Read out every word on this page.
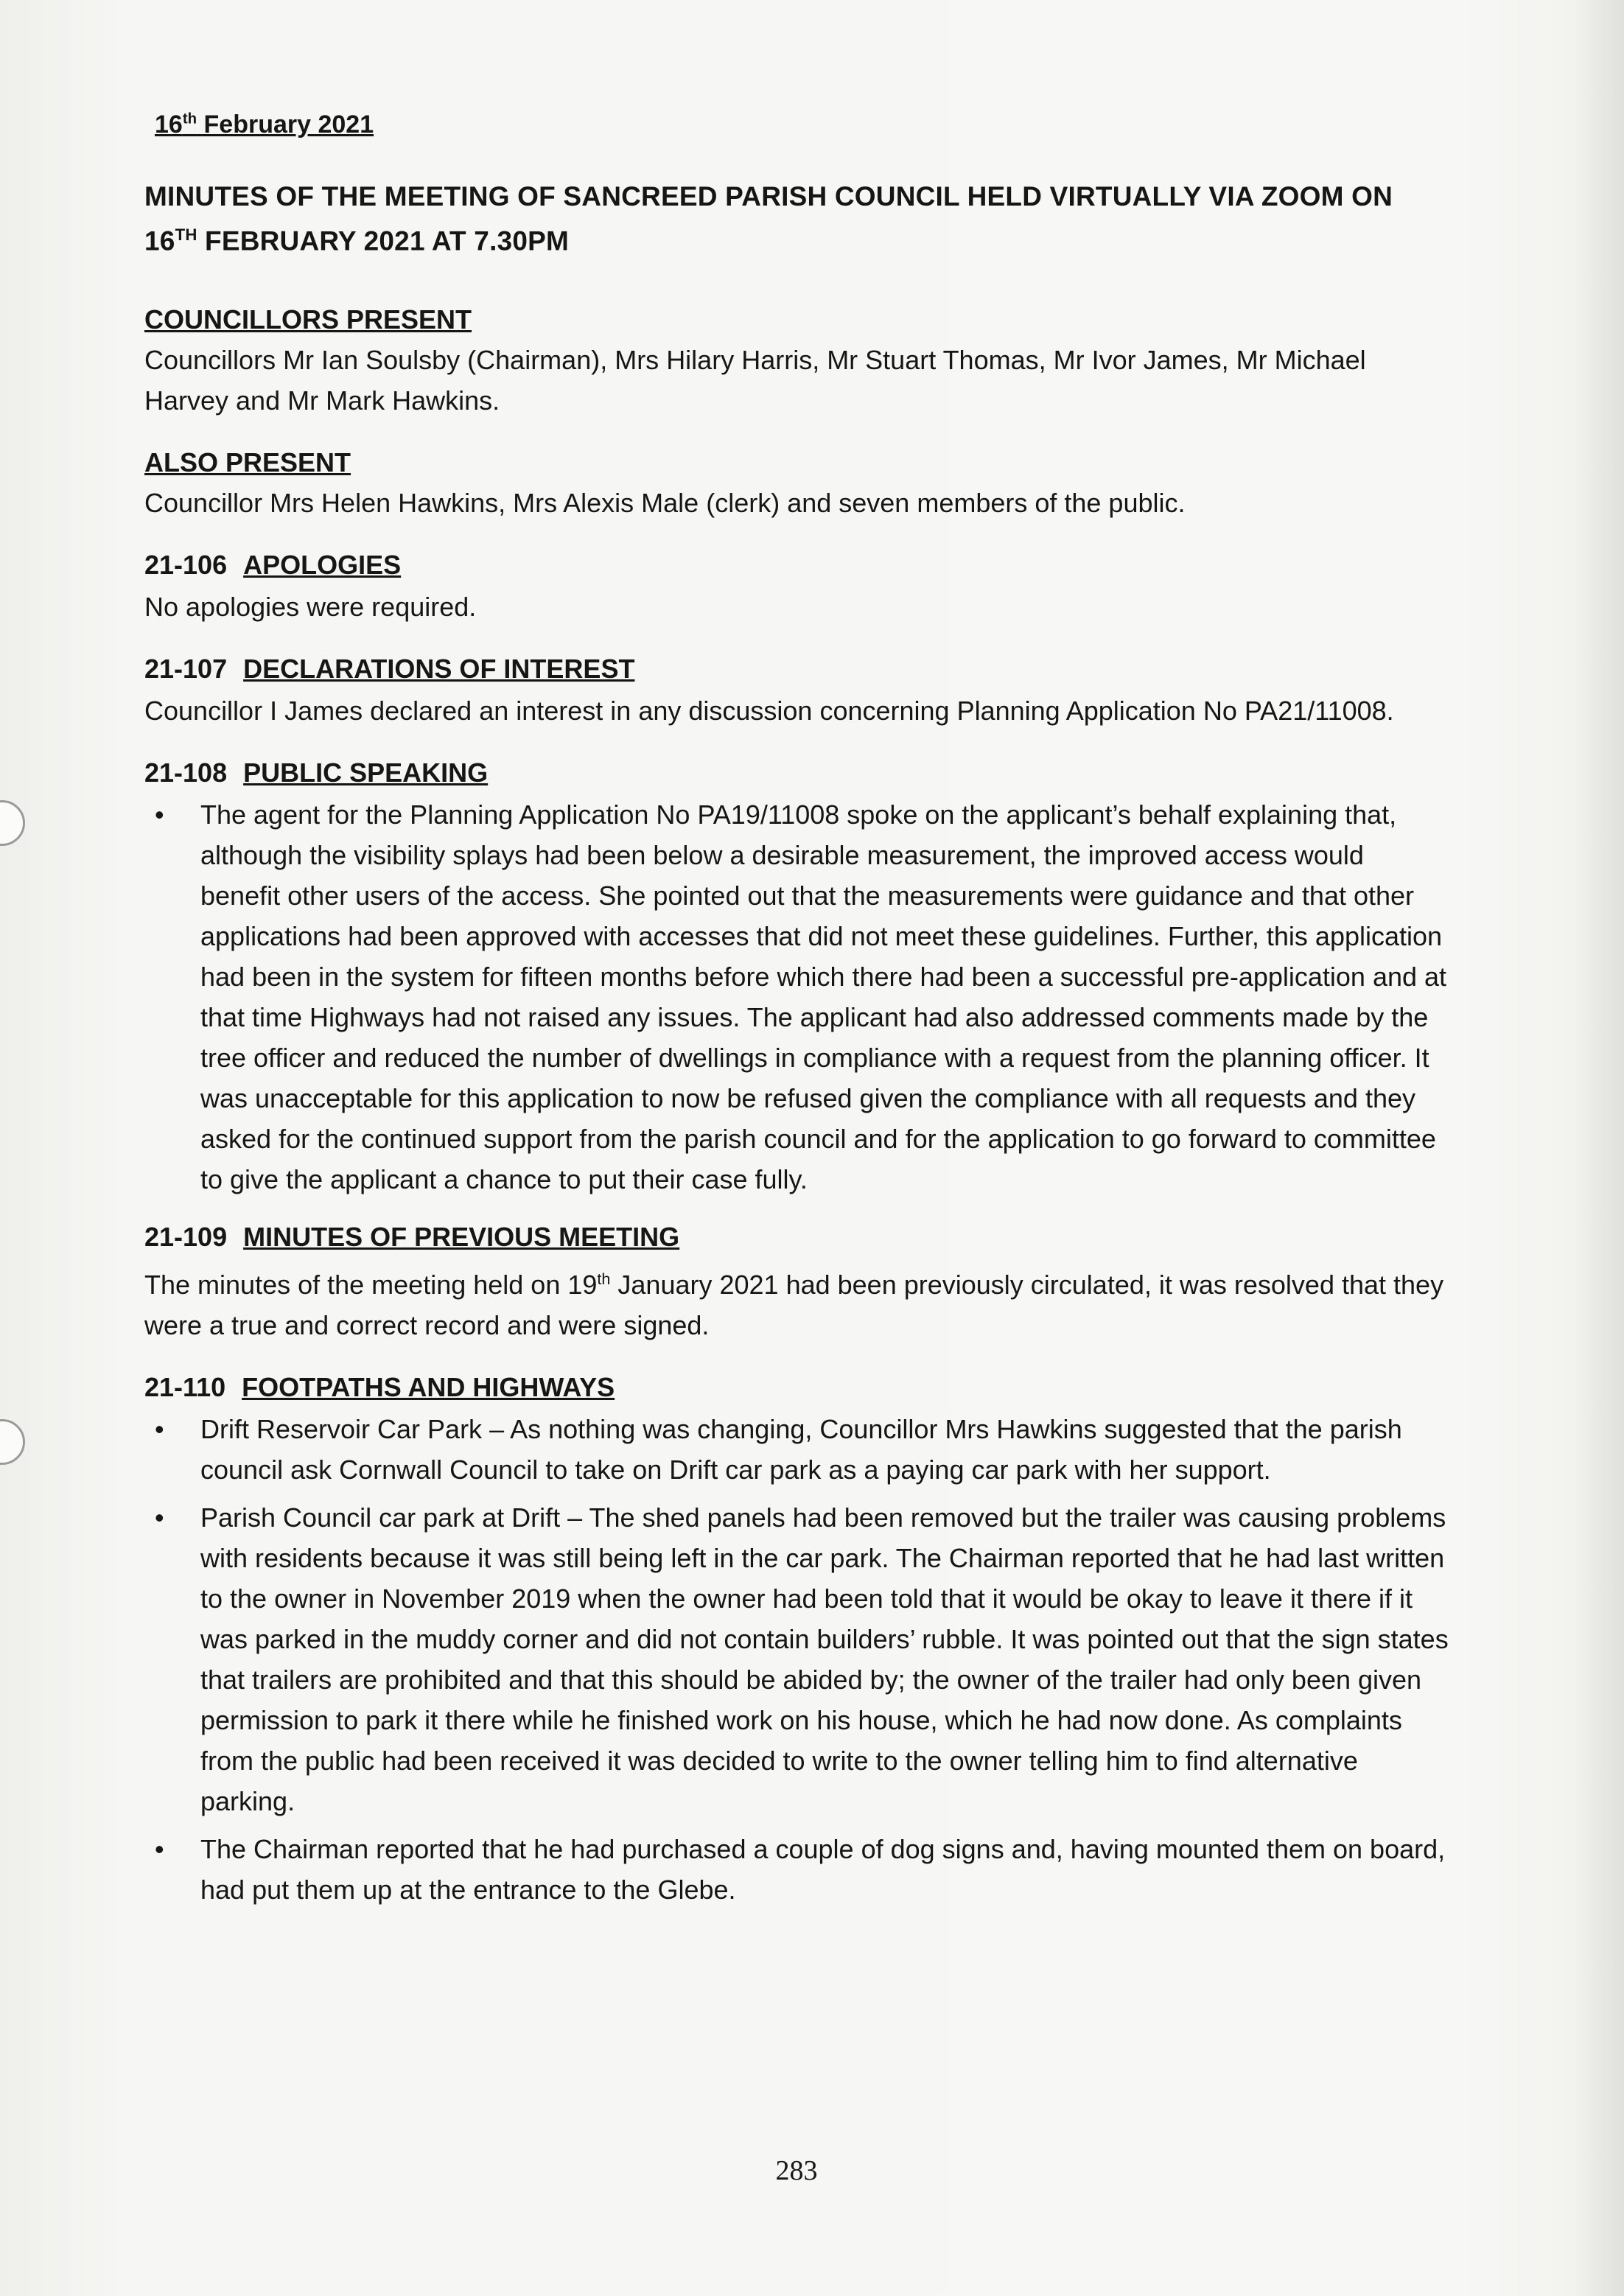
16th February 2021
MINUTES OF THE MEETING OF SANCREED PARISH COUNCIL HELD VIRTUALLY VIA ZOOM ON
16TH FEBRUARY 2021 AT 7.30PM
COUNCILLORS PRESENT

Councillors Mr Ian Soulsby (Chairman), Mrs Hilary Harris, Mr Stuart Thomas, Mr Ivor James, Mr Michael Harvey and Mr Mark Hawkins.

ALSO PRESENT

Councillor Mrs Helen Hawkins, Mrs Alexis Male (clerk) and seven members of the public.

21-106 APOLOGIES

No apologies were required.

21-107 DECLARATIONS OF INTEREST

Councillor I James declared an interest in any discussion concerning Planning Application No PA21/11008.

21-108 PUBLIC SPEAKING
• The agent for the Planning Application No PA19/11008 spoke on the applicant’s behalf explaining that, although the visibility splays had been below a desirable measurement, the improved access would benefit other users of the access. She pointed out that the measurements were guidance and that other applications had been approved with accesses that did not meet these guidelines. Further, this application had been in the system for fifteen months before which there had been a successful pre-application and at that time Highways had not raised any issues. The applicant had also addressed comments made by the tree officer and reduced the number of dwellings in compliance with a request from the planning officer. It was unacceptable for this application to now be refused given the compliance with all requests and they asked for the continued support from the parish council and for the application to go forward to committee to give the applicant a chance to put their case fully.
21-109 MINUTES OF PREVIOUS MEETING

The minutes of the meeting held on 19th January 2021 had been previously circulated, it was resolved that they were a true and correct record and were signed.

21-110 FOOTPATHS AND HIGHWAYS
• Drift Reservoir Car Park – As nothing was changing, Councillor Mrs Hawkins suggested that the parish council ask Cornwall Council to take on Drift car park as a paying car park with her support.
• Parish Council car park at Drift – The shed panels had been removed but the trailer was causing problems with residents because it was still being left in the car park. The Chairman reported that he had last written to the owner in November 2019 when the owner had been told that it would be okay to leave it there if it was parked in the muddy corner and did not contain builders’ rubble. It was pointed out that the sign states that trailers are prohibited and that this should be abided by; the owner of the trailer had only been given permission to park it there while he finished work on his house, which he had now done. As complaints from the public had been received it was decided to write to the owner telling him to find alternative parking.
• The Chairman reported that he had purchased a couple of dog signs and, having mounted them on board, had put them up at the entrance to the Glebe.
283
